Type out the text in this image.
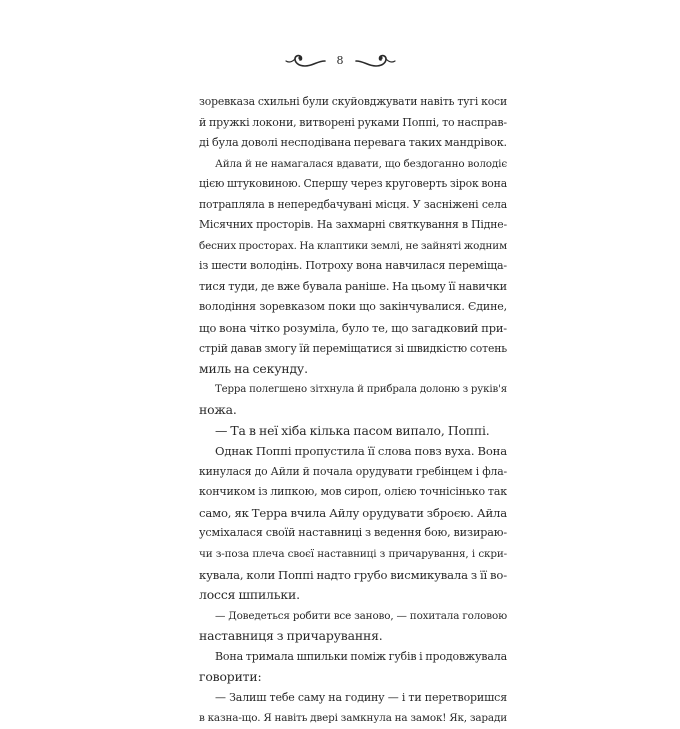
8
зоревказа схильні були скуйовджувати навіть тугі коси
й пружкі локони, витворені руками Поппі, то насправ-
ді була доволі несподівана перевага таких мандрівок.
Айла й не намагалася вдавати, що бездоганно володіє
цією штуковиною. Спершу через круговерть зірок вона
потрапляла в непередбачувані місця. У засніжені села
Місячних просторів. На захмарні святкування в Підне-
бесних просторах. На клаптики землі, не зайняті жодним
із шести володінь. Потроху вона навчилася переміща-
тися туди, де вже бувала раніше. На цьому її навички
володіння зоревказом поки що закінчувалися. Єдине,
що вона чітко розуміла, було те, що загадковий при-
стрій давав змогу їй переміщатися зі швидкістю сотень
миль на секунду.
Терра полегшено зітхнула й прибрала долоню з руків'я
ножа.
— Та в неї хіба кілька пасом випало, Поппі.
Однак Поппі пропустила її слова повз вуха. Вона
кинулася до Айли й почала орудувати гребінцем і фла-
кончиком із липкою, мов сироп, олією точнісінько так
само, як Терра вчила Айлу орудувати зброєю. Айла
усміхалася своїй наставниці з ведення бою, визираю-
чи з-поза плеча своєї наставниці з причарування, і скри-
кувала, коли Поппі надто грубо висмикувала з її во-
лосся шпильки.
— Доведеться робити все заново, — похитала головою
наставниця з причарування.
Вона тримала шпильки поміж губів і продовжувала
говорити:
— Залиш тебе саму на годину — і ти перетворишся
в казна-що. Я навіть двері замкнула на замок! Як, заради
